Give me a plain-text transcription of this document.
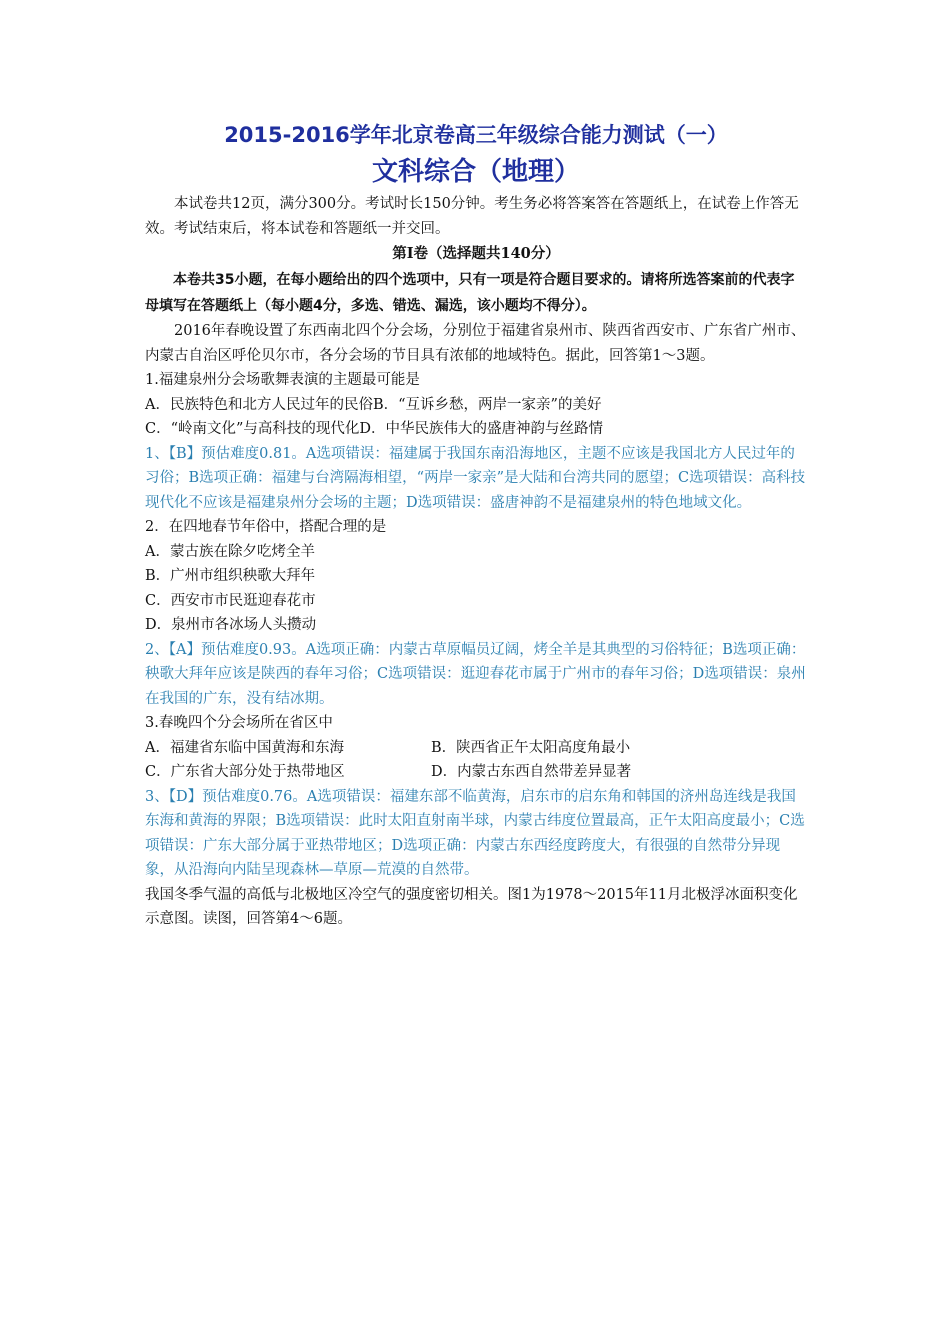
2015-2016学年北京卷高三年级综合能力测试（一）
文科综合（地理）

本试卷共12页，满分300分。考试时长150分钟。考生务必将答案答在答题纸上，在试卷上作答无效。考试结束后，将本试卷和答题纸一并交回。

第Ⅰ卷（选择题共140分）

本卷共35小题，在每小题给出的四个选项中，只有一项是符合题目要求的。请将所选答案前的代表字母填写在答题纸上（每小题4分，多选、错选、漏选，该小题均不得分）。

2016年春晚设置了东西南北四个分会场，分别位于福建省泉州市、陕西省西安市、广东省广州市、内蒙古自治区呼伦贝尔市，各分会场的节目具有浓郁的地域特色。据此，回答第1～3题。

1.福建泉州分会场歌舞表演的主题最可能是

A．民族特色和北方人民过年的民俗B．“互诉乡愁，两岸一家亲”的美好

C．“岭南文化”与高科技的现代化D．中华民族伟大的盛唐神韵与丝路情

1、【B】预估难度0.81。A选项错误：福建属于我国东南沿海地区，主题不应该是我国北方人民过年的习俗；B选项正确：福建与台湾隔海相望，“两岸一家亲”是大陆和台湾共同的愿望；C选项错误：高科技现代化不应该是福建泉州分会场的主题；D选项错误：盛唐神韵不是福建泉州的特色地域文化。

2．在四地春节年俗中，搭配合理的是

A．蒙古族在除夕吃烤全羊

B．广州市组织秧歌大拜年

C．西安市市民逛迎春花市

D．泉州市各冰场人头攒动

2、【A】预估难度0.93。A选项正确：内蒙古草原幅员辽阔，烤全羊是其典型的习俗特征；B选项正确：秧歌大拜年应该是陕西的春年习俗；C选项错误：逛迎春花市属于广州市的春年习俗；D选项错误：泉州在我国的广东，没有结冰期。

3.春晚四个分会场所在省区中

A．福建省东临中国黄海和东海	B．陕西省正午太阳高度角最小
C．广东省大部分处于热带地区	D．内蒙古东西自然带差异显著

3、【D】预估难度0.76。A选项错误：福建东部不临黄海，启东市的启东角和韩国的济州岛连线是我国东海和黄海的界限；B选项错误：此时太阳直射南半球，内蒙古纬度位置最高，正午太阳高度最小；C选项错误：广东大部分属于亚热带地区；D选项正确：内蒙古东西经度跨度大，有很强的自然带分异现象，从沿海向内陆呈现森林—草原—荒漠的自然带。

我国冬季气温的高低与北极地区冷空气的强度密切相关。图1为1978～2015年11月北极浮冰面积变化示意图。读图，回答第4～6题。
